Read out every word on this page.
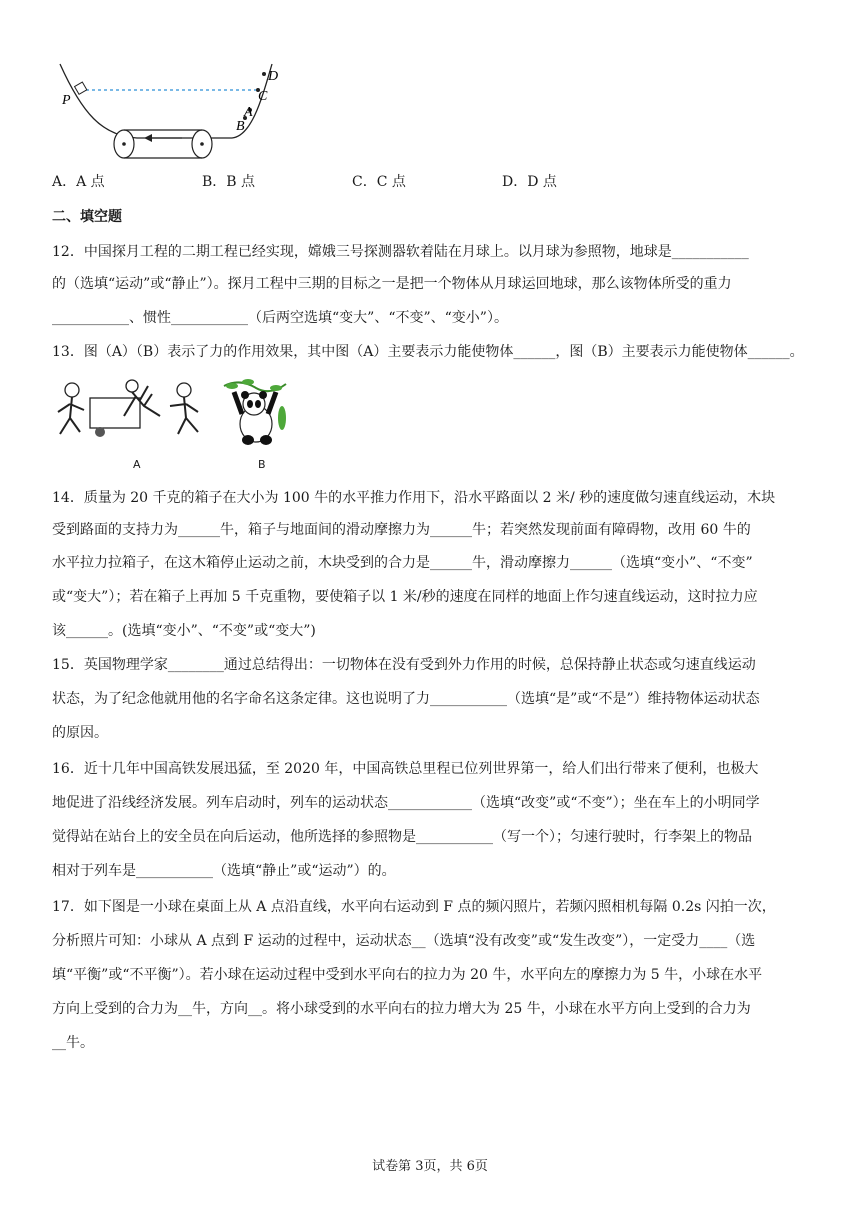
P
D
C
A
B
A．A 点	B．B 点	C．C 点	D．D 点
二、填空题
12．中国探月工程的二期工程已经实现，嫦娥三号探测器软着陆在月球上。以月球为参照物，地球是___________
的（选填“运动”或“静止”）。探月工程中三期的目标之一是把一个物体从月球运回地球，那么该物体所受的重力
___________、惯性___________（后两空选填“变大”、“不变”、“变小”）。
13．图（A）（B）表示了力的作用效果，其中图（A）主要表示力能使物体______，图（B）主要表示力能使物体______。
A	B
14．质量为 20 千克的箱子在大小为 100 牛的水平推力作用下，沿水平路面以 2 米/ 秒的速度做匀速直线运动，木块
受到路面的支持力为______牛，箱子与地面间的滑动摩擦力为______牛；若突然发现前面有障碍物，改用 60 牛的
水平拉力拉箱子，在这木箱停止运动之前，木块受到的合力是______牛，滑动摩擦力______（选填“变小”、“不变”
或“变大”）；若在箱子上再加 5 千克重物，要使箱子以 1 米/秒的速度在同样的地面上作匀速直线运动，这时拉力应
该______。(选填“变小”、“不变”或“变大”)
15．英国物理学家________通过总结得出：一切物体在没有受到外力作用的时候，总保持静止状态或匀速直线运动
状态，为了纪念他就用他的名字命名这条定律。这也说明了力___________（选填“是”或“不是”）维持物体运动状态
的原因。
16．近十几年中国高铁发展迅猛，至 2020 年，中国高铁总里程已位列世界第一，给人们出行带来了便利，也极大
地促进了沿线经济发展。列车启动时，列车的运动状态____________（选填“改变”或“不变”）；坐在车上的小明同学
觉得站在站台上的安全员在向后运动，他所选择的参照物是___________（写一个）；匀速行驶时，行李架上的物品
相对于列车是___________（选填“静止”或“运动”）的。
17．如下图是一小球在桌面上从 A 点沿直线，水平向右运动到 F 点的频闪照片，若频闪照相机每隔 0.2s 闪拍一次，
分析照片可知：小球从 A 点到 F 运动的过程中，运动状态__（选填“没有改变”或“发生改变”），一定受力____（选
填“平衡”或“不平衡”）。若小球在运动过程中受到水平向右的拉力为 20 牛，水平向左的摩擦力为 5 牛，小球在水平
方向上受到的合力为__牛，方向__。将小球受到的水平向右的拉力增大为 25 牛，小球在水平方向上受到的合力为
__牛。
试卷第 3页，共 6页
